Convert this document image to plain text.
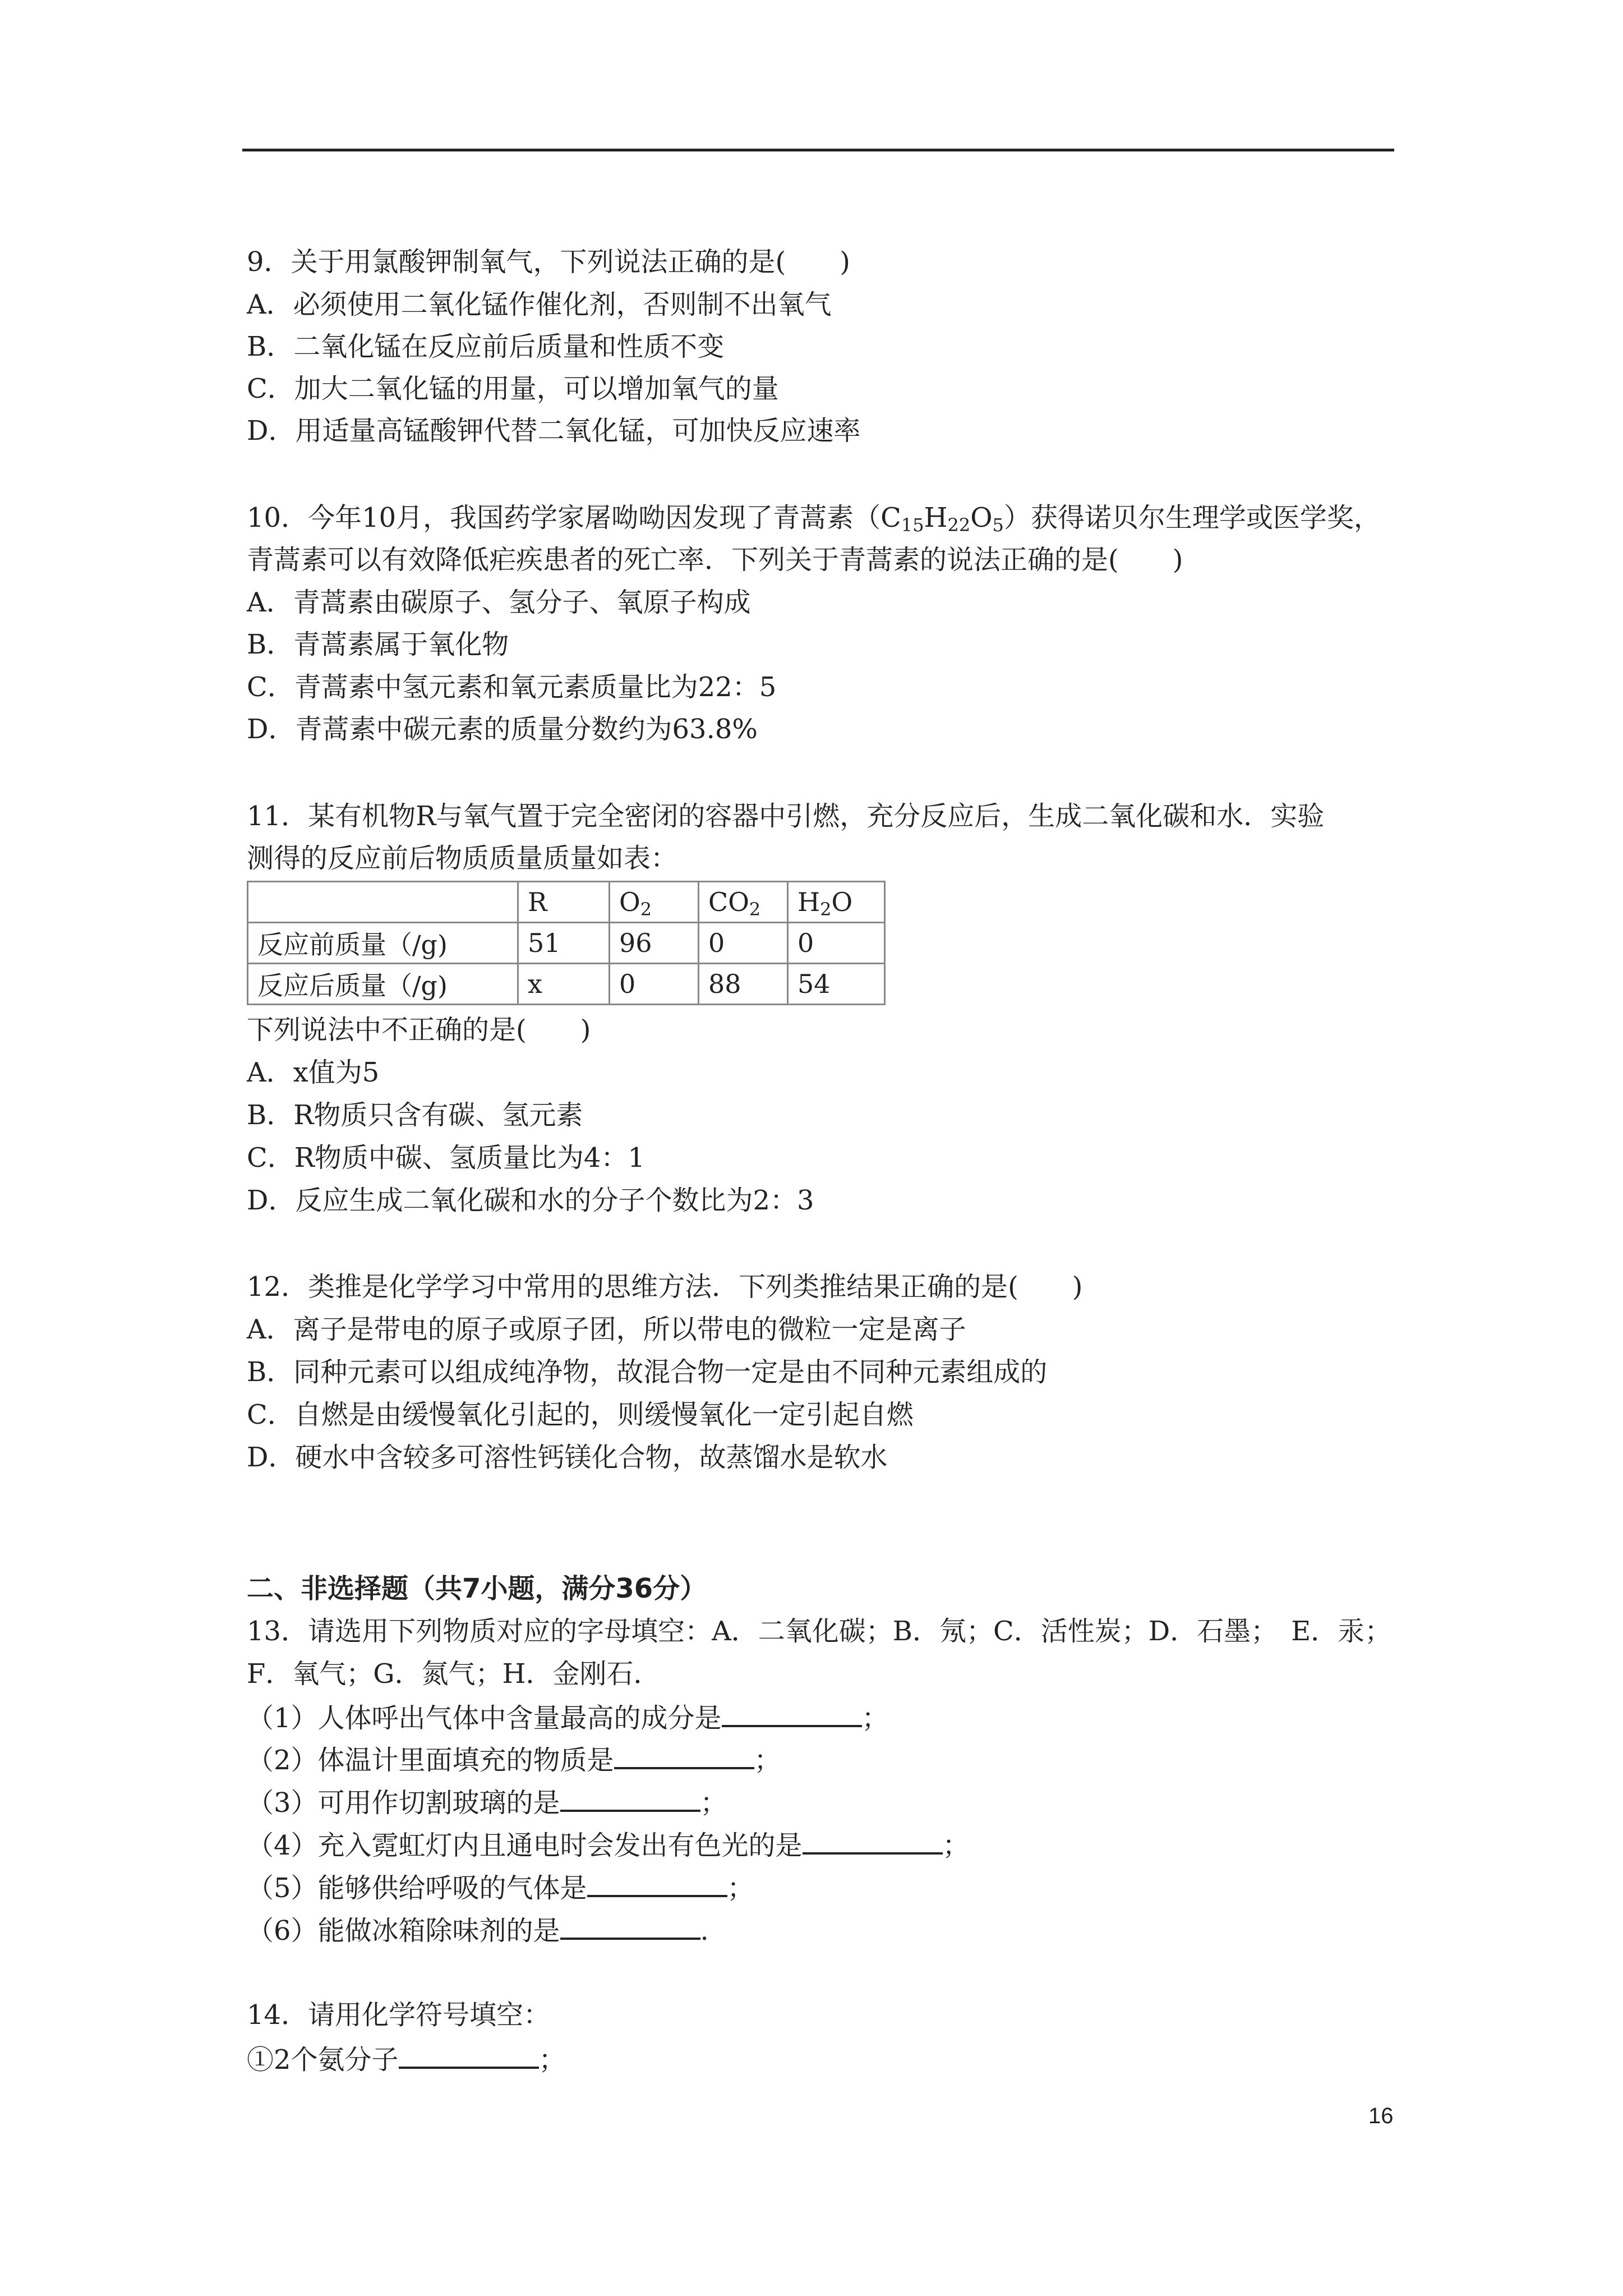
9．关于用氯酸钾制氧气，下列说法正确的是(　　)
A．必须使用二氧化锰作催化剂，否则制不出氧气
B．二氧化锰在反应前后质量和性质不变
C．加大二氧化锰的用量，可以增加氧气的量
D．用适量高锰酸钾代替二氧化锰，可加快反应速率
10．今年10月，我国药学家屠呦呦因发现了青蒿素$(C_{15}H_{22}O_5)$获得诺贝尔生理学或医学奖，
青蒿素可以有效降低疟疾患者的死亡率．下列关于青蒿素的说法正确的是(　　)
A．青蒿素由碳原子、氢分子、氧原子构成
B．青蒿素属于氧化物
C．青蒿素中氢元素和氧元素质量比为22：5
D．青蒿素中碳元素的质量分数约为63.8%
11．某有机物R与氧气置于完全密闭的容器中引燃，充分反应后，生成二氧化碳和水．实验
测得的反应前后物质质量质量如表：
	R	$O_2$	$CO_2$	$H_2O$
反应前质量（/g)	51	96	0	0
反应后质量（/g)	x	0	88	54
下列说法中不正确的是(　　)
A．x值为5
B．R物质只含有碳、氢元素
C．R物质中碳、氢质量比为4：1
D．反应生成二氧化碳和水的分子个数比为2：3
12．类推是化学学习中常用的思维方法．下列类推结果正确的是(　　)
A．离子是带电的原子或原子团，所以带电的微粒一定是离子
B．同种元素可以组成纯净物，故混合物一定是由不同种元素组成的
C．自燃是由缓慢氧化引起的，则缓慢氧化一定引起自燃
D．硬水中含较多可溶性钙镁化合物，故蒸馏水是软水
二、非选择题（共7小题，满分36分）
13．请选用下列物质对应的字母填空：A．二氧化碳；B．氖；C．活性炭；D．石墨；　E．汞；
F．氧气；G．氮气；H．金刚石．
（1）人体呼出气体中含量最高的成分是	；
（2）体温计里面填充的物质是	；
（3）可用作切割玻璃的是	；
（4）充入霓虹灯内且通电时会发出有色光的是	；
（5）能够供给呼吸的气体是	；
（6）能做冰箱除味剂的是	.
14．请用化学符号填空：
①2个氨分子	；
16
